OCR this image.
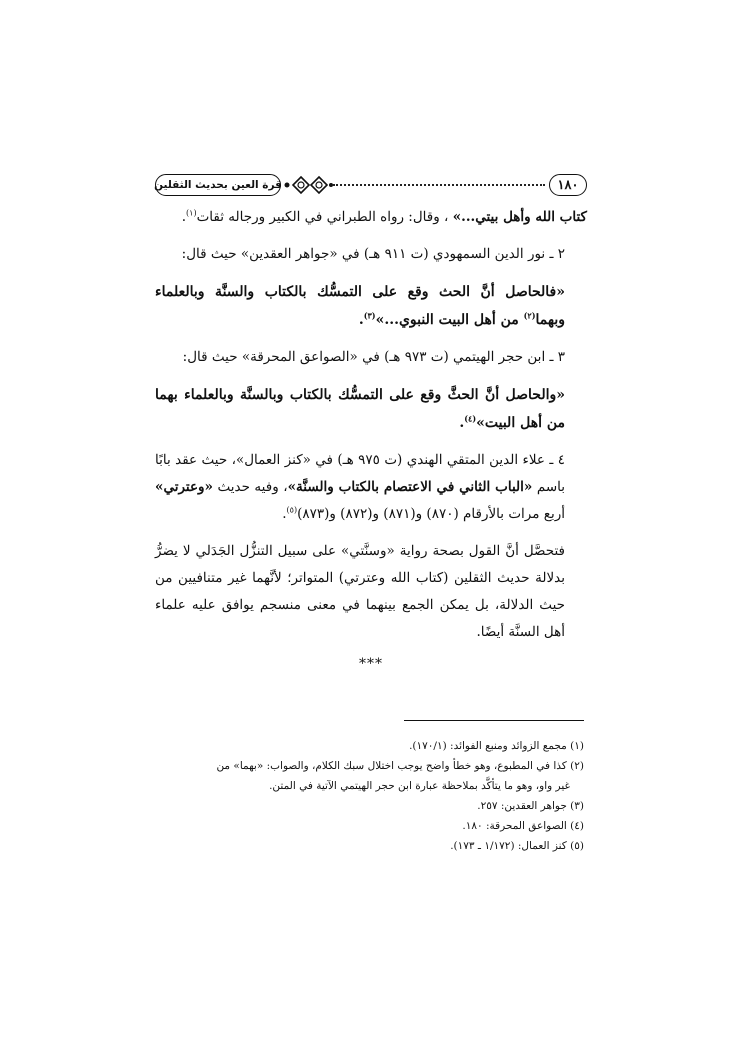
قرة العين بحديث الثقلين	١٨٠

كتاب الله وأهل بيتي...» ، وقال: رواه الطبراني في الكبير ورجاله ثقات$^{(١)}$.

٢ ـ نور الدين السمهودي (ت ٩١١ هـ) في «جواهر العقدين» حيث قال:

«فالحاصل أنَّ الحث وقع على التمسُّك بالكتاب والسنَّة وبالعلماء وبهما$^{(٢)}$ من أهل البيت النبوي...»$^{(٣)}$.

٣ ـ ابن حجر الهيتمي (ت ٩٧٣ هـ) في «الصواعق المحرقة» حيث قال:

«والحاصل أنَّ الحثَّ وقع على التمسُّك بالكتاب وبالسنَّة وبالعلماء بهما من أهل البيت»$^{(٤)}$.

٤ ـ علاء الدين المتقي الهندي (ت ٩٧٥ هـ) في «كنز العمال»، حيث عقد بابًا باسم «الباب الثاني في الاعتصام بالكتاب والسنَّة»، وفيه حديث «وعترتي» أربع مرات بالأرقام (٨٧٠) و(٨٧١) و(٨٧٢) و(٨٧٣)$^{(٥)}$.

فتحصَّل أنَّ القول بصحة رواية «وسنَّتي» على سبيل التنزُّل الجَدَلي لا يضرُّ بدلالة حديث الثقلين (كتاب الله وعترتي) المتواتر؛ لأنَّهما غير متنافيين من حيث الدلالة، بل يمكن الجمع بينهما في معنى منسجم يوافق عليه علماء أهل السنَّة أيضًا.

***

(١) مجمع الزوائد ومنبع الفوائد: (١٧٠/١).

(٢) كذا في المطبوع، وهو خطأ واضح يوجب اختلال سبك الكلام، والصواب: «بهما» من

غير واو، وهو ما يتأكَّد بملاحظة عبارة ابن حجر الهيتمي الآتية في المتن.

(٣) جواهر العقدين: ٢٥٧.

(٤) الصواعق المحرقة: ١٨٠.

(٥) كنز العمال: (١/١٧٢ ـ ١٧٣).
